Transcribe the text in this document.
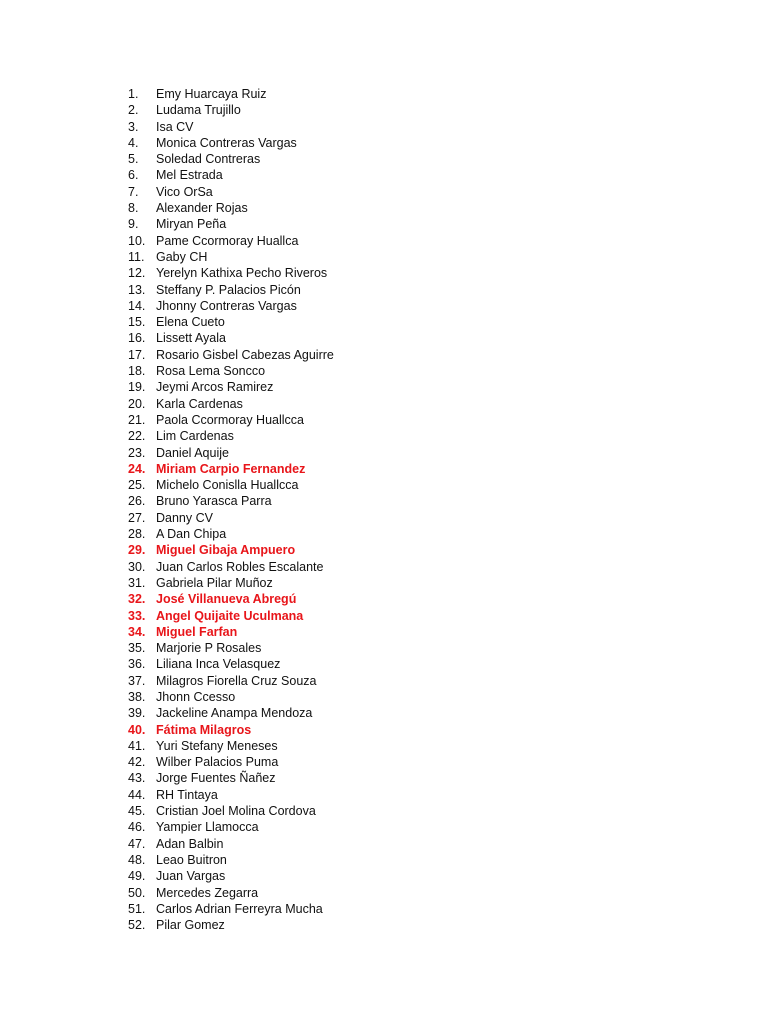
1.	Emy Huarcaya Ruiz
2.	Ludama Trujillo
3.	Isa CV
4.	Monica Contreras Vargas
5.	Soledad Contreras
6.	Mel Estrada
7.	Vico OrSa
8.	Alexander Rojas
9.	Miryan Peña
10. Pame Ccormoray Huallca
11. Gaby CH
12. Yerelyn Kathixa Pecho Riveros
13. Steffany P. Palacios Picón
14. Jhonny Contreras Vargas
15. Elena Cueto
16. Lissett Ayala
17. Rosario Gisbel Cabezas Aguirre
18. Rosa Lema Soncco
19. Jeymi Arcos Ramirez
20. Karla Cardenas
21. Paola Ccormoray Huallcca
22. Lim Cardenas
23. Daniel Aquije
24. Miriam Carpio Fernandez
25. Michelo Conislla Huallcca
26. Bruno Yarasca Parra
27. Danny CV
28. A Dan Chipa
29. Miguel Gibaja Ampuero
30. Juan Carlos Robles Escalante
31. Gabriela Pilar Muñoz
32. José Villanueva Abregú
33. Angel Quijaite Uculmana
34. Miguel Farfan
35. Marjorie P Rosales
36. Liliana Inca Velasquez
37. Milagros Fiorella Cruz Souza
38. Jhonn Ccesso
39. Jackeline Anampa Mendoza
40. Fátima Milagros
41. Yuri Stefany Meneses
42. Wilber Palacios Puma
43. Jorge Fuentes Ñañez
44. RH Tintaya
45. Cristian Joel Molina Cordova
46. Yampier Llamocca
47. Adan Balbin
48. Leao Buitron
49. Juan Vargas
50. Mercedes Zegarra
51. Carlos Adrian Ferreyra Mucha
52. Pilar Gomez
